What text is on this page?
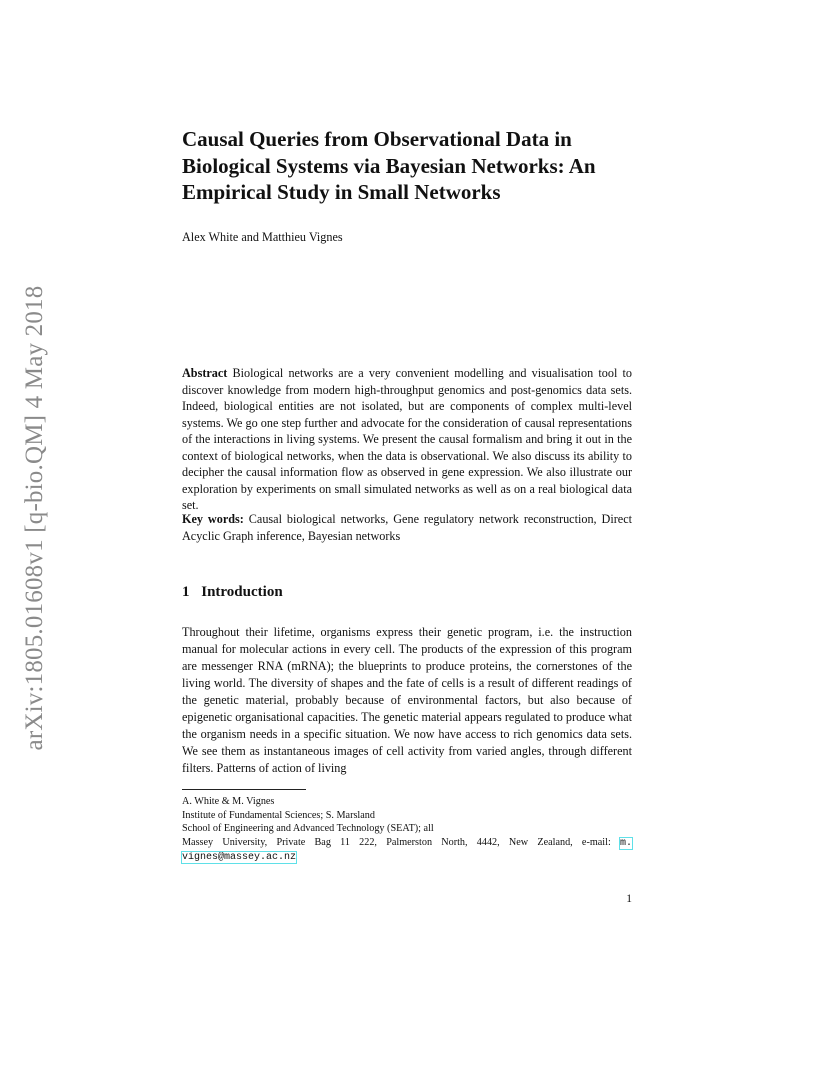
arXiv:1805.01608v1 [q-bio.QM] 4 May 2018
Causal Queries from Observational Data in Biological Systems via Bayesian Networks: An Empirical Study in Small Networks
Alex White and Matthieu Vignes

Abstract Biological networks are a very convenient modelling and visualisation tool to discover knowledge from modern high-throughput genomics and post-genomics data sets. Indeed, biological entities are not isolated, but are components of complex multi-level systems. We go one step further and advocate for the consideration of causal representations of the interactions in living systems. We present the causal formalism and bring it out in the context of biological networks, when the data is observational. We also discuss its ability to decipher the causal information flow as observed in gene expression. We also illustrate our exploration by experiments on small simulated networks as well as on a real biological data set.

Key words: Causal biological networks, Gene regulatory network reconstruction, Direct Acyclic Graph inference, Bayesian networks

1 Introduction

Throughout their lifetime, organisms express their genetic program, i.e. the instruction manual for molecular actions in every cell. The products of the expression of this program are messenger RNA (mRNA); the blueprints to produce proteins, the cornerstones of the living world. The diversity of shapes and the fate of cells is a result of different readings of the genetic material, probably because of environmental factors, but also because of epigenetic organisational capacities. The genetic material appears regulated to produce what the organism needs in a specific situation. We now have access to rich genomics data sets. We see them as instantaneous images of cell activity from varied angles, through different filters. Patterns of action of living

A. White & M. Vignes
Institute of Fundamental Sciences; S. Marsland
School of Engineering and Advanced Technology (SEAT); all
Massey University, Private Bag 11 222, Palmerston North, 4442, New Zealand, e-mail: m.
vignes@massey.ac.nz
1
